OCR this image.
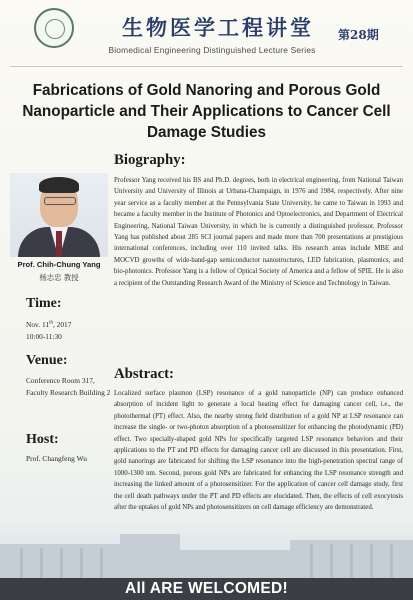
生物医学工程讲堂	第28期
Biomedical Engineering Distinguished Lecture Series
Fabrications of Gold Nanoring and Porous Gold Nanoparticle and Their Applications to Cancer Cell Damage Studies
Prof. Chih-Chung Yang
杨志忠 教授
Time:
Nov. 11th, 2017
10:00-11:30
Venue:
Conference Room 317, Faculty Research Building 2
Host:
Prof. Changfeng Wu
Biography:
Professor Yang received his BS and Ph.D. degrees, both in electrical engineering, from National Taiwan University and University of Illinois at Urbana-Champaign, in 1976 and 1984, respectively. After nine year service as a faculty member at the Pennsylvania State University, he came to Taiwan in 1993 and became a faculty member in the Institute of Photonics and Optoelectronics, and Department of Electrical Engineering, National Taiwan University, in which he is currently a distinguished professor. Professor Yang has published about 285 SCI journal papers and made more than 700 presentations at prestigious international conferences, including over 110 invited talks. His research areas include MBE and MOCVD growths of wide-band-gap semiconductor nanostructures, LED fabrication, plasmonics, and bio-photonics. Professor Yang is a fellow of Optical Society of America and a fellow of SPIE. He is also a recipient of the Outstanding Research Award of the Ministry of Science and Technology in Taiwan.
Abstract:
Localized surface plasmon (LSP) resonance of a gold nanoparticle (NP) can produce enhanced absorption of incident light to generate a local heating effect for damaging cancer cell, i.e., the photothermal (PT) effect. Also, the nearby strong field distribution of a gold NP at LSP resonance can increase the single- or two-photon absorption of a photosensitizer for enhancing the photodynamic (PD) effect. Two specially-shaped gold NPs for specifically targeted LSP resonance behaviors and their applications to the PT and PD effects for damaging cancer cell are discussed in this presentation. First, gold nanorings are fabricated for shifting the LSP resonance into the high-penetration spectral range of 1000-1300 nm. Second, porous gold NPs are fabricated for enhancing the LSP resonance strength and increasing the linked amount of a photosensitizer. For the application of cancer cell damage study, first the cell death pathways under the PT and PD effects are elucidated. Then, the effects of cell exocytosis after the uptakes of gold NPs and photosensitizers on cell damage efficiency are demonstrated.
All ARE WELCOMED!
